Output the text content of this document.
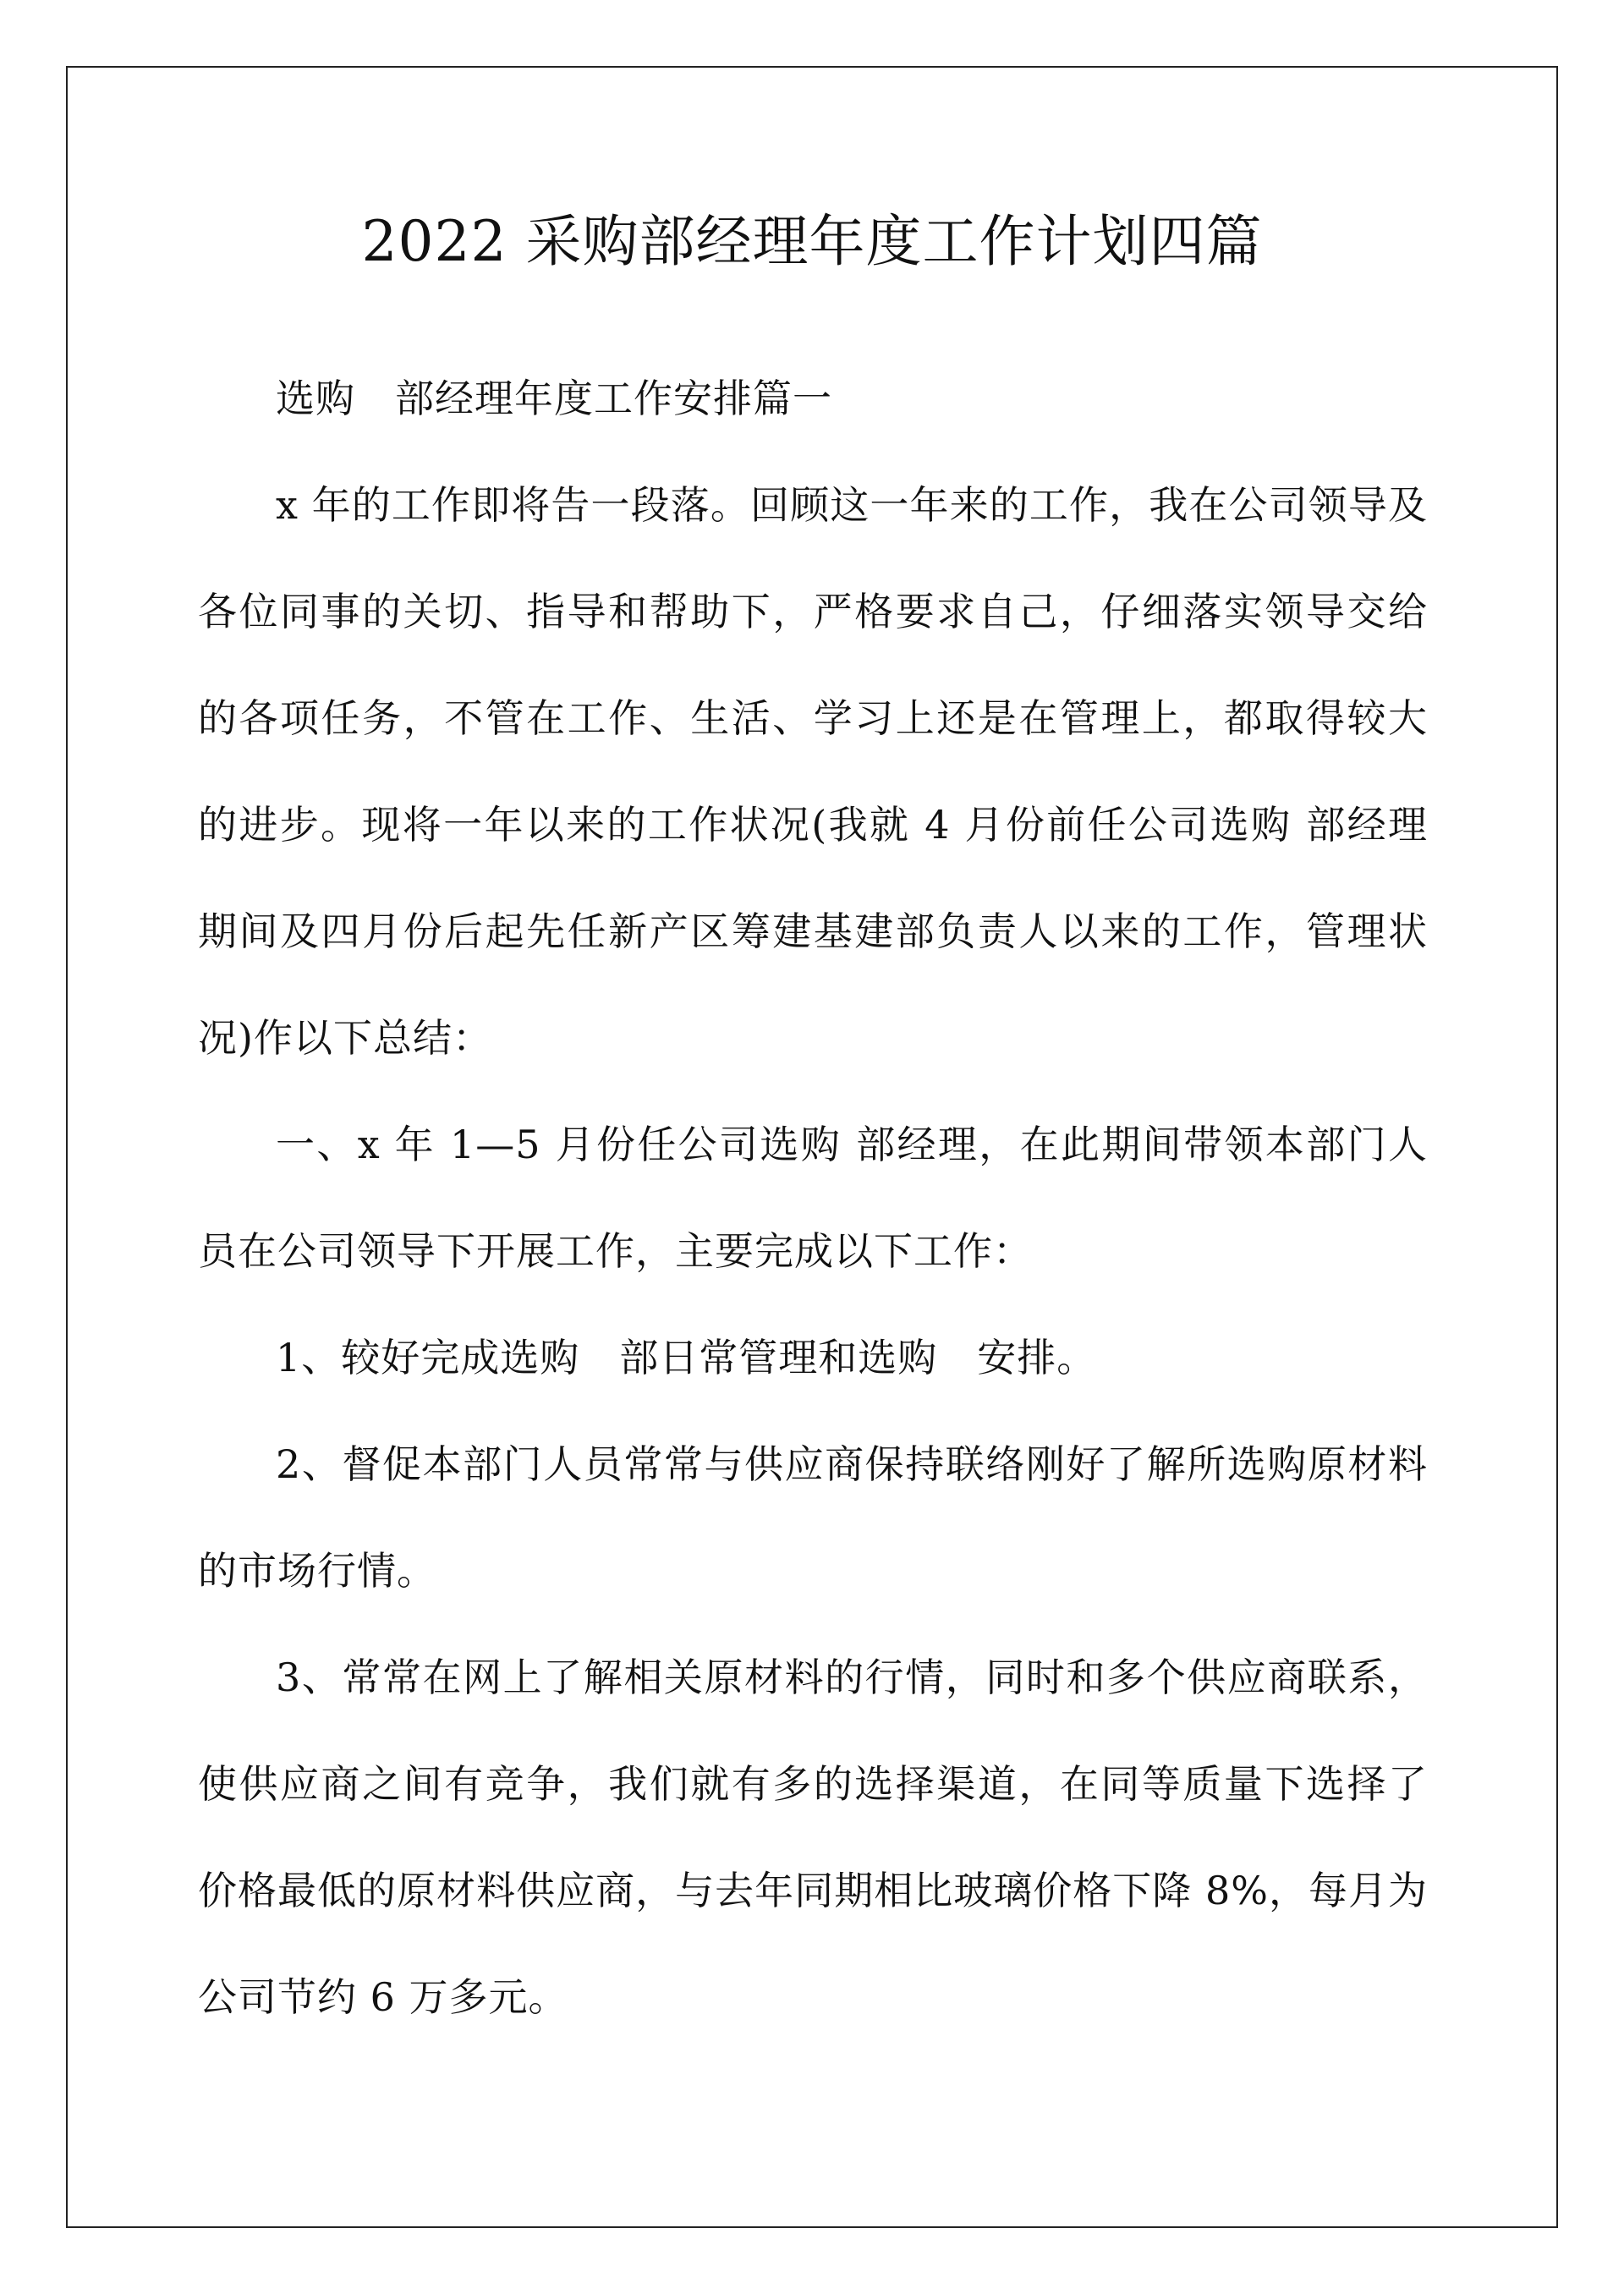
2022 采购部经理年度工作计划四篇

选购　部经理年度工作安排篇一

x 年的工作即将告一段落。回顾这一年来的工作，我在公司领导及各位同事的关切、指导和帮助下，严格要求自己，仔细落实领导交给的各项任务，不管在工作、生活、学习上还是在管理上，都取得较大的进步。现将一年以来的工作状况(我就 4 月份前任公司选购 部经理期间及四月份后起先任新产区筹建基建部负责人以来的工作，管理状况)作以下总结：

一、x 年 1—5 月份任公司选购 部经理，在此期间带领本部门人员在公司领导下开展工作，主要完成以下工作：

1、较好完成选购　部日常管理和选购　安排。

2、督促本部门人员常常与供应商保持联络刚好了解所选购原材料的市场行情。

3、常常在网上了解相关原材料的行情，同时和多个供应商联系，使供应商之间有竞争，我们就有多的选择渠道，在同等质量下选择了价格最低的原材料供应商，与去年同期相比玻璃价格下降 8%，每月为公司节约 6 万多元。
